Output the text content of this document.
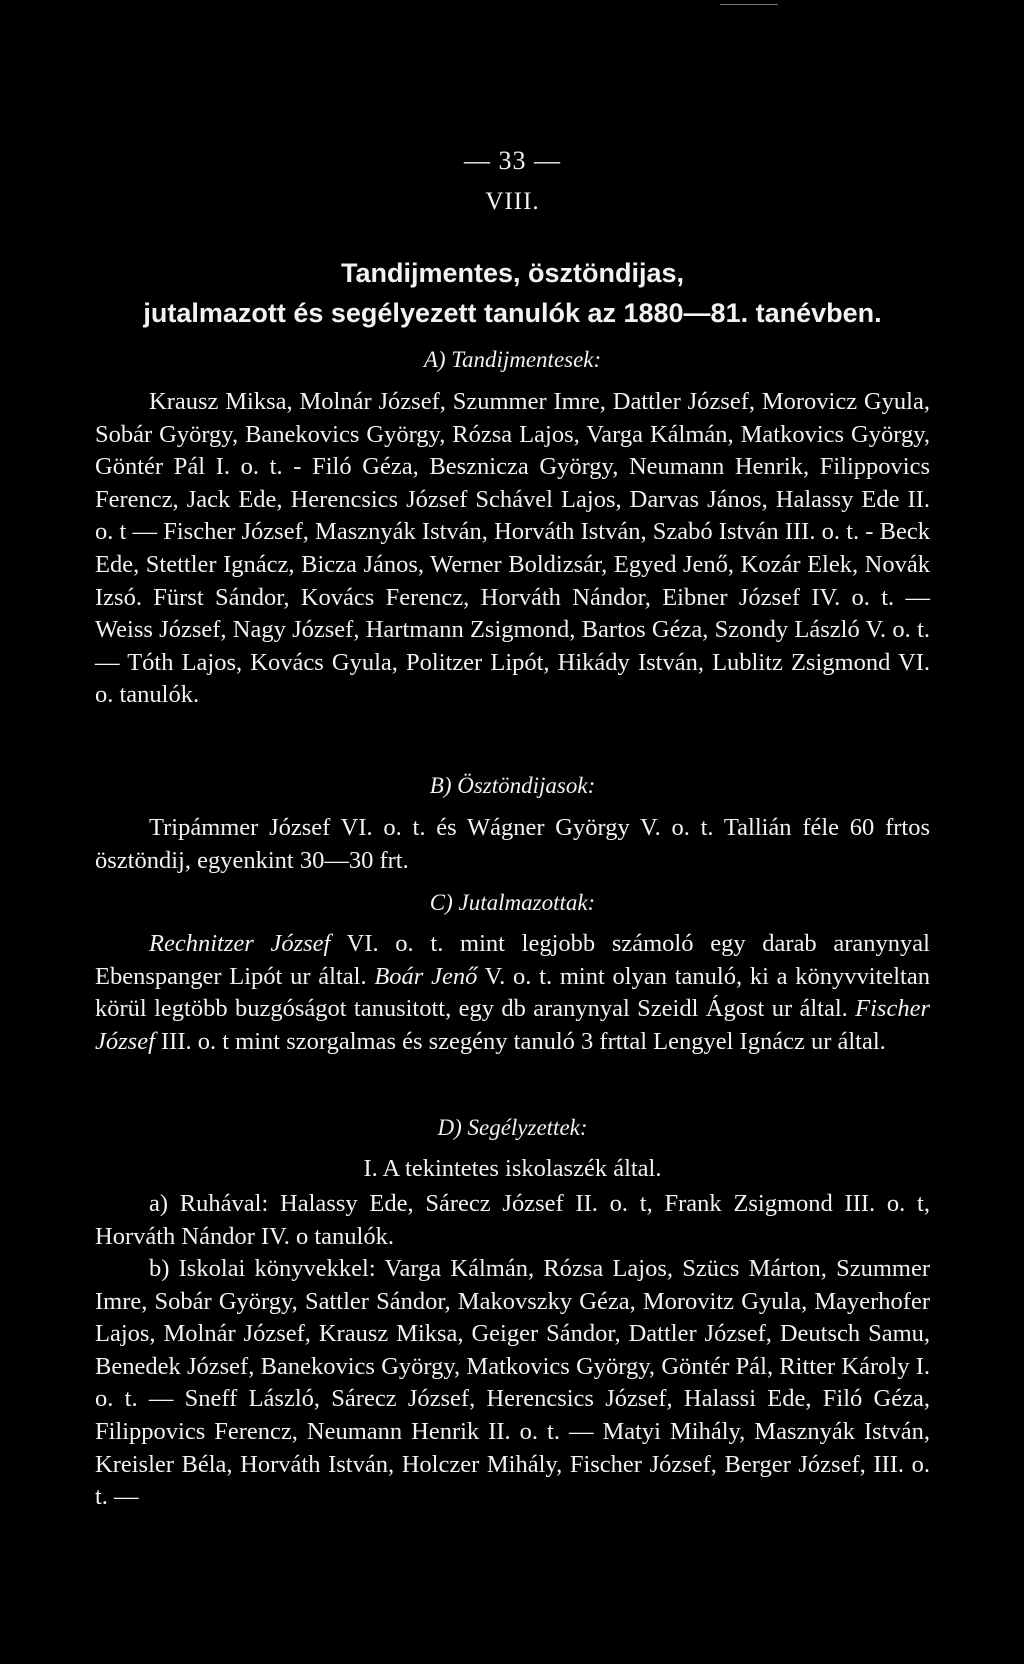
— 33 —
VIII.
Tandijmentes, ösztöndijas,
jutalmazott és segélyezett tanulók az 1880—81. tanévben.
A) Tandijmentesek:

Krausz Miksa, Molnár József, Szummer Imre, Dattler József, Morovicz Gyula, Sobár György, Banekovics György, Rózsa Lajos, Varga Kálmán, Matkovics György, Göntér Pál I. o. t. - Filó Géza, Besznicza György, Neumann Henrik, Filippovics Ferencz, Jack Ede, Herencsics József Schável Lajos, Darvas János, Halassy Ede II. o. t — Fischer József, Masznyák István, Horváth István, Szabó István III. o. t. - Beck Ede, Stettler Ignácz, Bicza János, Werner Boldizsár, Egyed Jenő, Kozár Elek, Novák Izsó. Fürst Sándor, Kovács Ferencz, Horváth Nándor, Eibner József IV. o. t. — Weiss József, Nagy József, Hartmann Zsigmond, Bartos Géza, Szondy László V. o. t. — Tóth Lajos, Kovács Gyula, Politzer Lipót, Hikády István, Lublitz Zsigmond VI. o. tanulók.

B) Ösztöndijasok:

Tripámmer József VI. o. t. és Wágner György V. o. t. Tallián féle 60 frtos ösztöndij, egyenkint 30—30 frt.

C) Jutalmazottak:

Rechnitzer József VI. o. t. mint legjobb számoló egy darab aranynyal Ebenspanger Lipót ur által. Boár Jenő V. o. t. mint olyan tanuló, ki a könyvviteltan körül legtöbb buzgóságot tanusitott, egy db aranynyal Szeidl Ágost ur által. Fischer József III. o. t mint szorgalmas és szegény tanuló 3 frttal Lengyel Ignácz ur által.

D) Segélyzettek:
I. A tekintetes iskolaszék által.

a) Ruhával: Halassy Ede, Sárecz József II. o. t, Frank Zsigmond III. o. t, Horváth Nándor IV. o tanulók.

b) Iskolai könyvekkel: Varga Kálmán, Rózsa Lajos, Szücs Márton, Szummer Imre, Sobár György, Sattler Sándor, Makovszky Géza, Morovitz Gyula, Mayerhofer Lajos, Molnár József, Krausz Miksa, Geiger Sándor, Dattler József, Deutsch Samu, Benedek József, Banekovics György, Matkovics György, Göntér Pál, Ritter Károly I. o. t. — Sneff László, Sárecz József, Herencsics József, Halassi Ede, Filó Géza, Filippovics Ferencz, Neumann Henrik II. o. t. — Matyi Mihály, Masznyák István, Kreisler Béla, Horváth István, Holczer Mihály, Fischer József, Berger József, III. o. t. —
